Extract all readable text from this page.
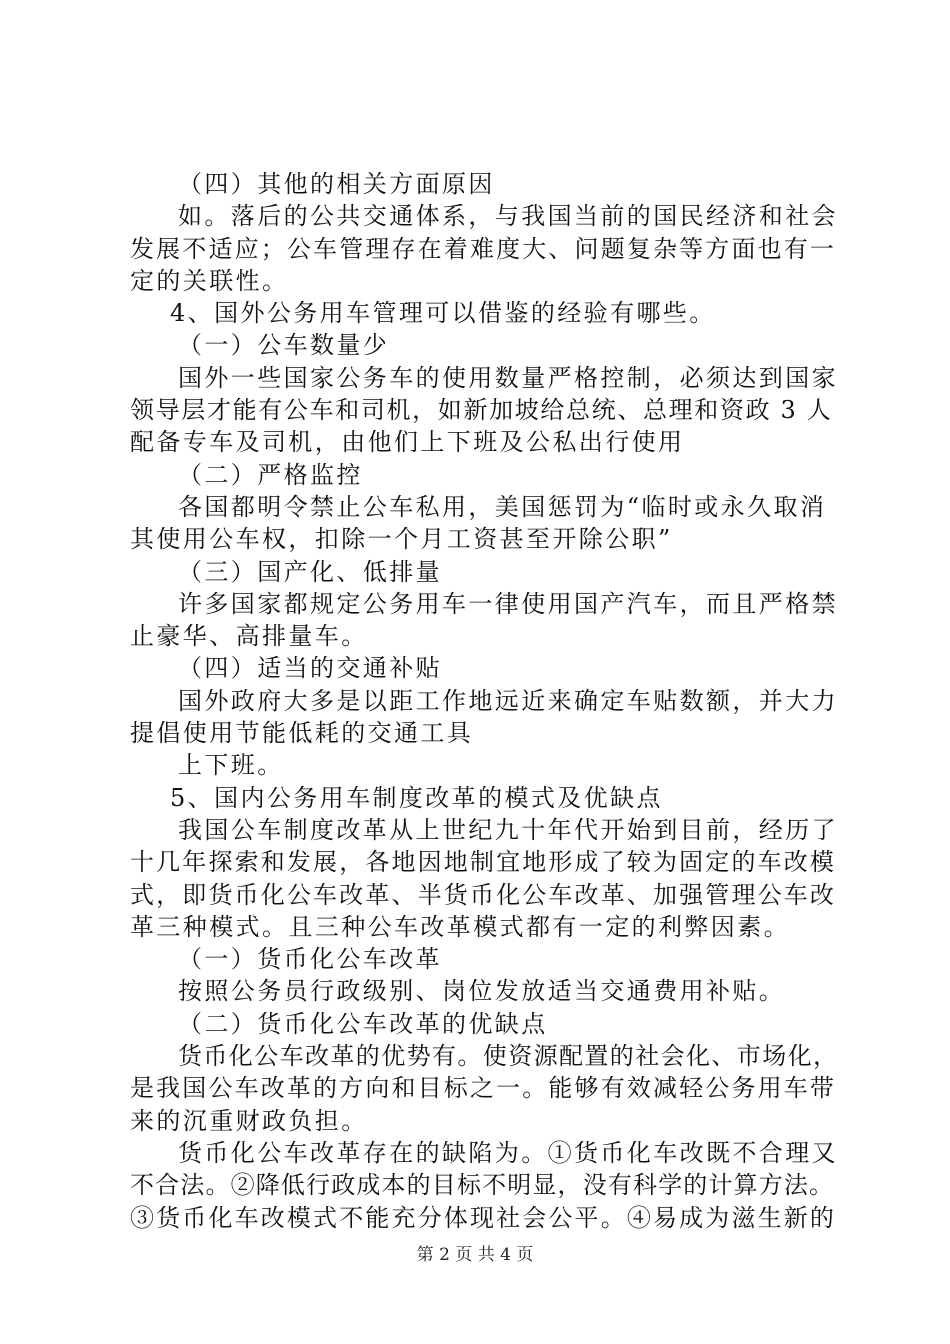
（四）其他的相关方面原因
如。落后的公共交通体系，与我国当前的国民经济和社会
发展不适应；公车管理存在着难度大、问题复杂等方面也有一
定的关联性。
4、国外公务用车管理可以借鉴的经验有哪些。
（一）公车数量少
国外一些国家公务车的使用数量严格控制，必须达到国家
领导层才能有公车和司机，如新加坡给总统、总理和资政 3 人
配备专车及司机，由他们上下班及公私出行使用
（二）严格监控
各国都明令禁止公车私用，美国惩罚为“临时或永久取消
其使用公车权，扣除一个月工资甚至开除公职”
（三）国产化、低排量
许多国家都规定公务用车一律使用国产汽车，而且严格禁
止豪华、高排量车。
（四）适当的交通补贴
国外政府大多是以距工作地远近来确定车贴数额，并大力
提倡使用节能低耗的交通工具
上下班。
5、国内公务用车制度改革的模式及优缺点
我国公车制度改革从上世纪九十年代开始到目前，经历了
十几年探索和发展，各地因地制宜地形成了较为固定的车改模
式，即货币化公车改革、半货币化公车改革、加强管理公车改
革三种模式。且三种公车改革模式都有一定的利弊因素。
（一）货币化公车改革
按照公务员行政级别、岗位发放适当交通费用补贴。
（二）货币化公车改革的优缺点
货币化公车改革的优势有。使资源配置的社会化、市场化，
是我国公车改革的方向和目标之一。能够有效减轻公务用车带
来的沉重财政负担。
货币化公车改革存在的缺陷为。①货币化车改既不合理又
不合法。②降低行政成本的目标不明显，没有科学的计算方法。
③货币化车改模式不能充分体现社会公平。④易成为滋生新的
第 2 页 共 4 页
